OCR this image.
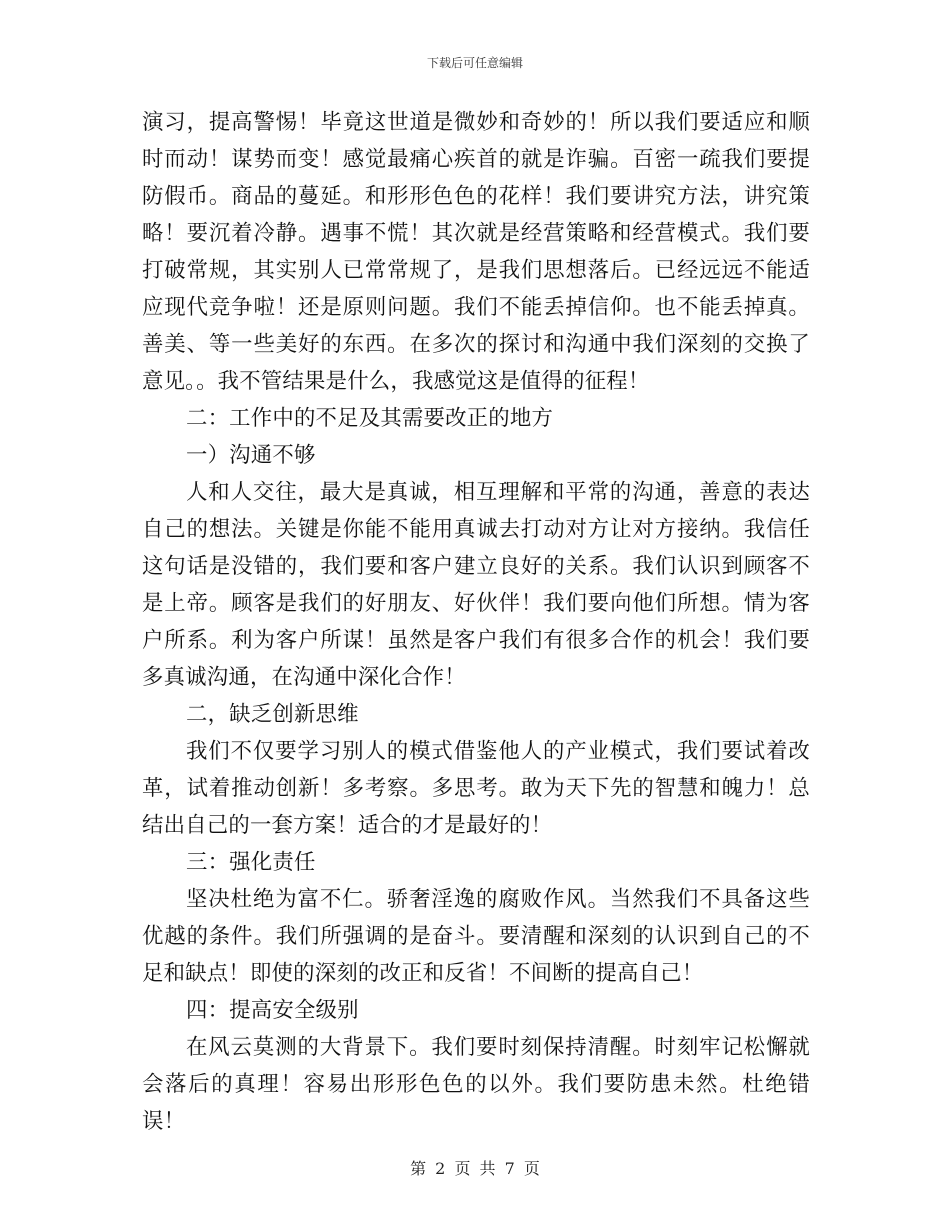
下载后可任意编辑

演习，提高警惕！毕竟这世道是微妙和奇妙的！所以我们要适应和顺时而动！谋势而变！感觉最痛心疾首的就是诈骗。百密一疏我们要提防假币。商品的蔓延。和形形色色的花样！我们要讲究方法，讲究策略！要沉着冷静。遇事不慌！其次就是经营策略和经营模式。我们要打破常规，其实别人已常常规了，是我们思想落后。已经远远不能适应现代竞争啦！还是原则问题。我们不能丢掉信仰。也不能丢掉真。善美、等一些美好的东西。在多次的探讨和沟通中我们深刻的交换了意见。。我不管结果是什么，我感觉这是值得的征程！

二：工作中的不足及其需要改正的地方

一）沟通不够

人和人交往，最大是真诚，相互理解和平常的沟通，善意的表达自己的想法。关键是你能不能用真诚去打动对方让对方接纳。我信任这句话是没错的，我们要和客户建立良好的关系。我们认识到顾客不是上帝。顾客是我们的好朋友、好伙伴！我们要向他们所想。情为客户所系。利为客户所谋！虽然是客户我们有很多合作的机会！我们要多真诚沟通，在沟通中深化合作！

二，缺乏创新思维

我们不仅要学习别人的模式借鉴他人的产业模式，我们要试着改革，试着推动创新！多考察。多思考。敢为天下先的智慧和魄力！总结出自己的一套方案！适合的才是最好的！

三：强化责任

坚决杜绝为富不仁。骄奢淫逸的腐败作风。当然我们不具备这些优越的条件。我们所强调的是奋斗。要清醒和深刻的认识到自己的不足和缺点！即使的深刻的改正和反省！不间断的提高自己！

四：提高安全级别

在风云莫测的大背景下。我们要时刻保持清醒。时刻牢记松懈就会落后的真理！容易出形形色色的以外。我们要防患未然。杜绝错误！

第 2 页 共 7 页
